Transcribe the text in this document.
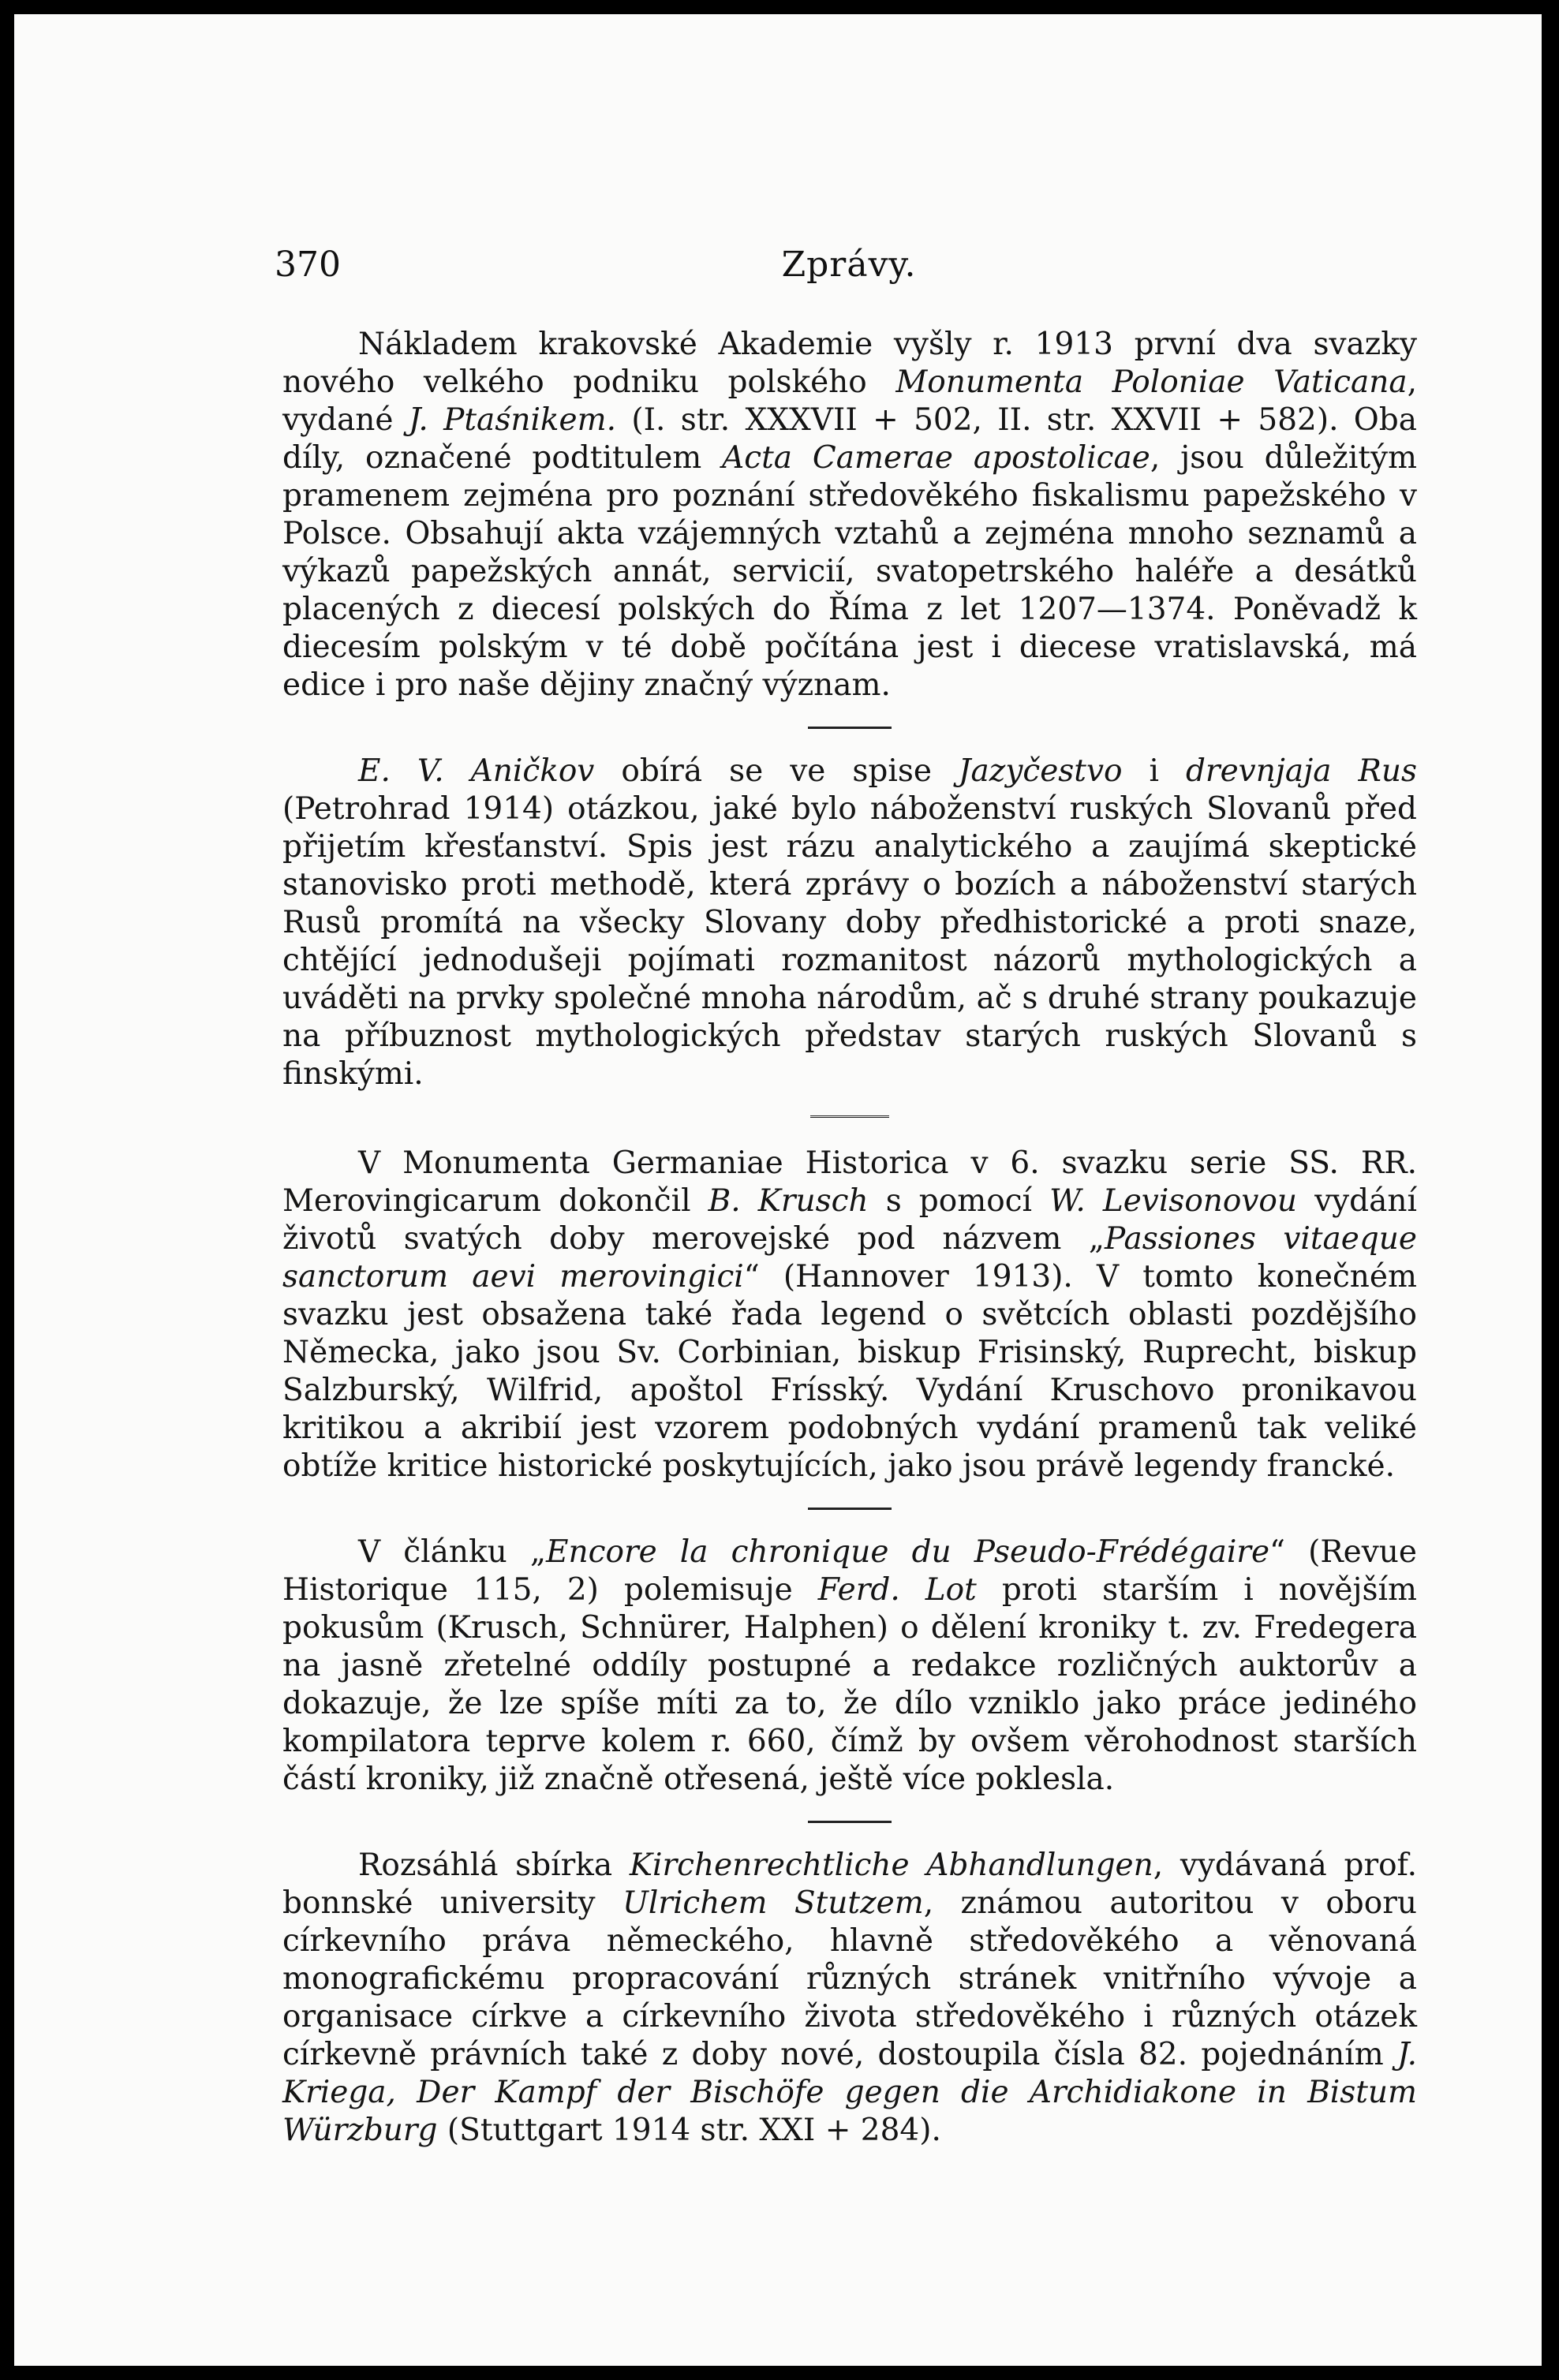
370	Zprávy.

Nákladem krakovské Akademie vyšly r. 1913 první dva svazky nového velkého podniku polského Monumenta Poloniae Vaticana, vydané J. Ptaśnikem. (I. str. XXXVII + 502, II. str. XXVII + 582). Oba díly, označené podtitulem Acta Camerae apostolicae, jsou důležitým pramenem zejména pro poznání středověkého fiskalismu papežského v Polsce. Obsahují akta vzájemných vztahů a zejména mnoho seznamů a výkazů papežských annát, servicií, svatopetrského haléře a desátků placených z diecesí polských do Říma z let 1207—1374. Poněvadž k diecesím polským v té době počítána jest i diecese vratislavská, má edice i pro naše dějiny značný význam.

E. V. Aničkov obírá se ve spise Jazyčestvo i drevnjaja Rus (Petrohrad 1914) otázkou, jaké bylo náboženství ruských Slovanů před přijetím křesťanství. Spis jest rázu analytického a zaujímá skeptické stanovisko proti methodě, která zprávy o bozích a náboženství starých Rusů promítá na všecky Slovany doby předhistorické a proti snaze, chtějící jednodušeji pojímati rozmanitost názorů mythologických a uváděti na prvky společné mnoha národům, ač s druhé strany poukazuje na příbuznost mythologických představ starých ruských Slovanů s finskými.

V Monumenta Germaniae Historica v 6. svazku serie SS. RR. Merovingicarum dokončil B. Krusch s pomocí W. Levisonovou vydání životů svatých doby merovejské pod názvem „Passiones vitaeque sanctorum aevi merovingici“ (Hannover 1913). V tomto konečném svazku jest obsažena také řada legend o světcích oblasti pozdějšího Německa, jako jsou Sv. Corbinian, biskup Frisinský, Ruprecht, biskup Salzburský, Wilfrid, apoštol Frísský. Vydání Kruschovo pronikavou kritikou a akribií jest vzorem podobných vydání pramenů tak veliké obtíže kritice historické poskytujících, jako jsou právě legendy francké.

V článku „Encore la chronique du Pseudo-Frédégaire“ (Revue Historique 115, 2) polemisuje Ferd. Lot proti starším i novějším pokusům (Krusch, Schnürer, Halphen) o dělení kroniky t. zv. Fredegera na jasně zřetelné oddíly postupné a redakce rozličných auktorův a dokazuje, že lze spíše míti za to, že dílo vzniklo jako práce jediného kompilatora teprve kolem r. 660, čímž by ovšem věrohodnost starších částí kroniky, již značně otřesená, ještě více poklesla.

Rozsáhlá sbírka Kirchenrechtliche Abhandlungen, vydávaná prof. bonnské university Ulrichem Stutzem, známou autoritou v oboru církevního práva německého, hlavně středověkého a věnovaná monografickému propracování různých stránek vnitřního vývoje a organisace církve a církevního života středověkého i různých otázek církevně právních také z doby nové, dostoupila čísla 82. pojednáním J. Kriega, Der Kampf der Bischöfe gegen die Archidiakone in Bistum Würzburg (Stuttgart 1914 str. XXI + 284).
